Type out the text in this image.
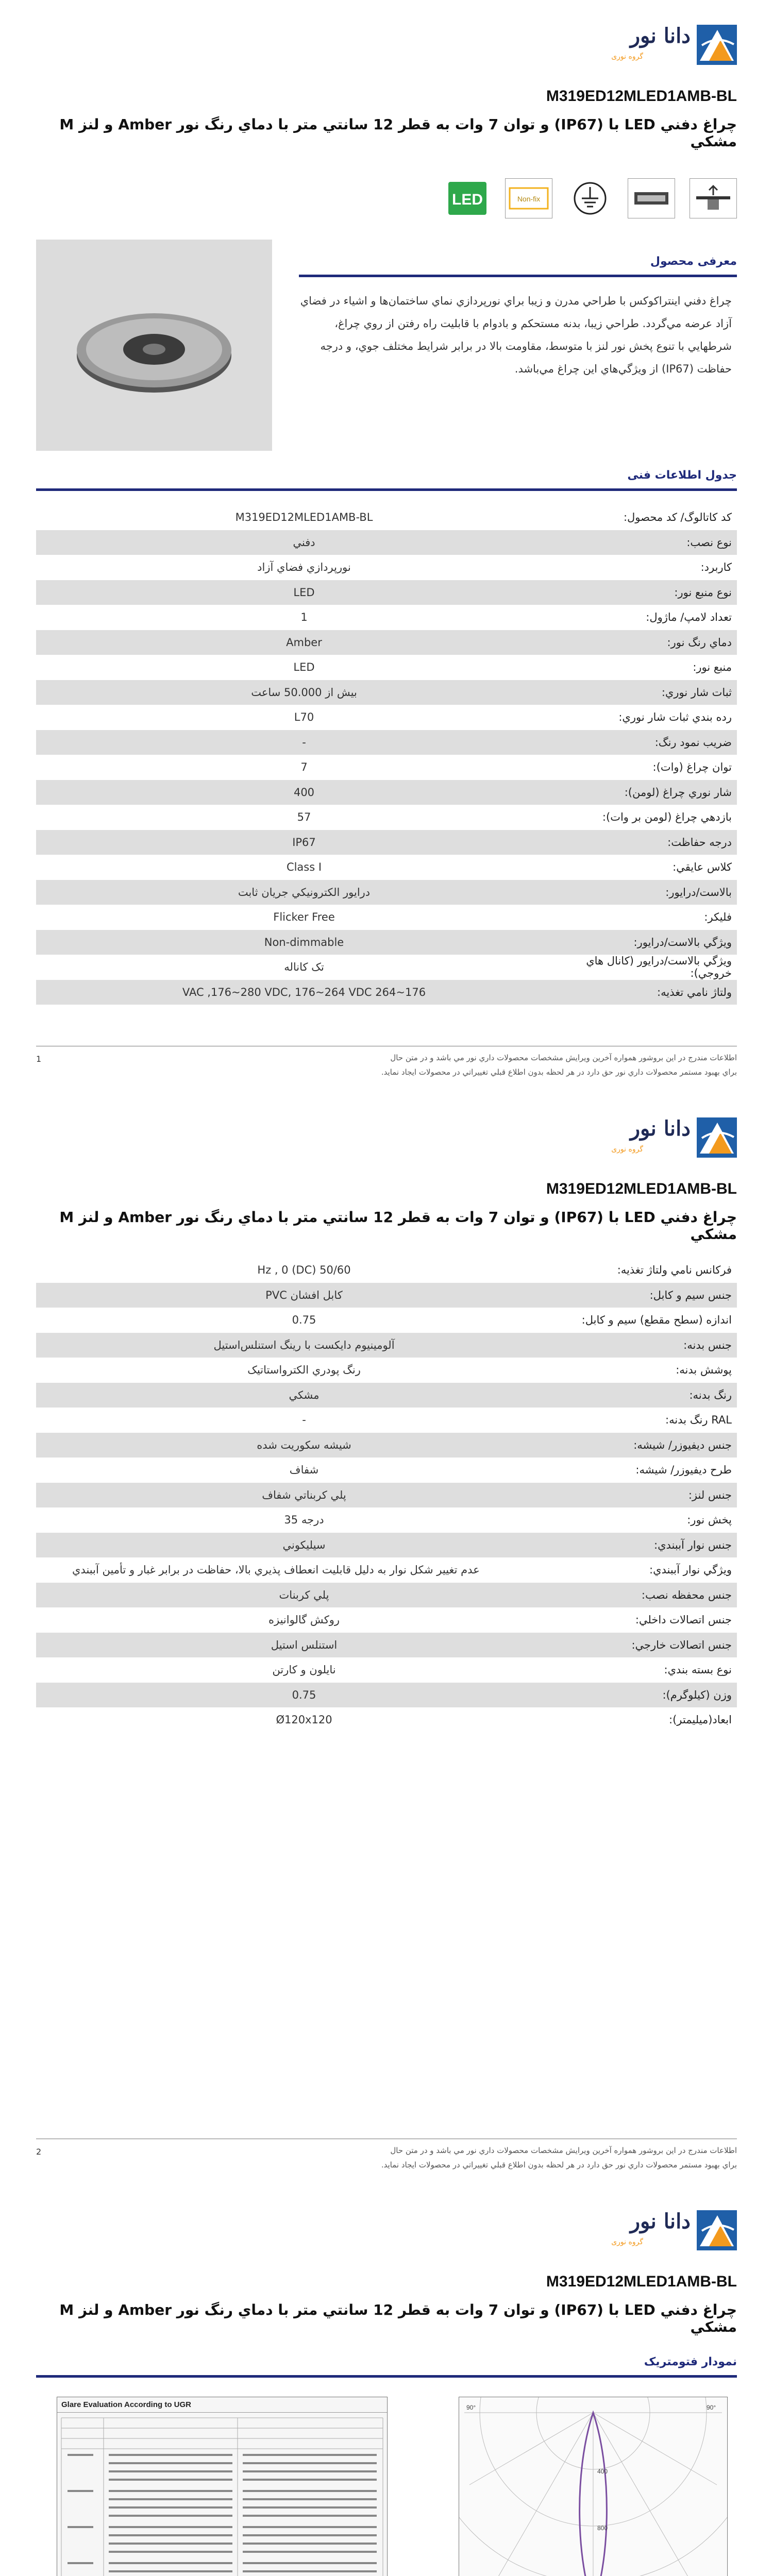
دانا نور
گروه نوری
M319ED12MLED1AMB-BL
چراغ دفني LED با (IP67) و توان 7 وات به قطر 12 سانتي متر با دماي رنگ نور Amber و لنز M مشکي
Non-fix
LED
معرفی محصول
چراغ دفني اينتراکوکس با طراحي مدرن و زيبا براي نورپردازي نماي ساختمان‌ها و اشياء در فضاي آزاد عرضه مي‌گردد. طراحي زيبا، بدنه مستحکم و بادوام با قابليت راه رفتن از روي چراغ، شرطهايي با تنوع پخش نور لنز با متوسط، مقاومت بالا در برابر شرايط مختلف جوي، و درجه حفاظت (IP67) از ويژگي‌هاي اين چراغ مي‌باشد.
جدول اطلاعات فنی
کد کاتالوگ/ کد محصول:
M319ED12MLED1AMB-BL
نوع نصب:
دفني
کاربرد:
نورپردازي فضاي آزاد
نوع منبع نور:
LED
تعداد لامپ/ ماژول:
1
دماي رنگ نور:
Amber
منبع نور:
LED
ثبات شار نوري:
بيش از 50.000 ساعت
رده بندي ثبات شار نوري:
L70
ضريب نمود رنگ:
-
توان چراغ (وات):
7
شار نوري چراغ (لومن):
400
بازدهي چراغ (لومن بر وات):
57
درجه حفاظت:
IP67
کلاس عايقي:
Class I
بالاست/درايور:
درايور الکترونيکي جريان ثابت
فليکر:
Flicker Free
ويژگي بالاست/درايور:
Non-dimmable
ويژگي بالاست/درايور (کانال هاي خروجي):
تک کاناله
ولتاژ نامي تغذيه:
176~264 VAC ,176~280 VDC, 176~264 VDC
اطلاعات مندرج در اين بروشور همواره آخرين ويرايش مشخصات محصولات داري نور مي باشد و در متن حال
براي بهبود مستمر محصولات داري نور حق دارد در هر لحظه بدون اطلاع قبلي تغييراتي در محصولات ايجاد نمايد.
1
دانا نور
گروه نوری
M319ED12MLED1AMB-BL
چراغ دفني LED با (IP67) و توان 7 وات به قطر 12 سانتي متر با دماي رنگ نور Amber و لنز M مشکي
فرکانس نامي ولتاژ تغذيه:
50/60 Hz , 0 (DC)
جنس سيم و کابل:
کابل افشان PVC
اندازه (سطح مقطع) سيم و کابل:
0.75
جنس بدنه:
آلومينيوم دايکست با رينگ استنلس‌استيل
پوشش بدنه:
رنگ پودري الکترواستاتيک
رنگ بدنه:
مشکي
RAL رنگ بدنه:
-
جنس ديفيوزر/ شيشه:
شيشه سکوريت شده
طرح ديفيوزر/ شيشه:
شفاف
جنس لنز:
پلي کربناتي شفاف
پخش نور:
درجه 35
جنس نوار آببندي:
سيليکوني
ويژگي نوار آببندي:
عدم تغيير شکل نوار به دليل قابليت انعطاف پذيري بالا، حفاظت در برابر غبار و تأمين آببندي
جنس محفظه نصب:
پلي کربنات
جنس اتصالات داخلي:
روکش گالوانيزه
جنس اتصالات خارجي:
استنلس استيل
نوع بسته بندي:
نايلون و کارتن
وزن (کيلوگرم):
0.75
ابعاد(ميليمتر):
Ø120x120
اطلاعات مندرج در اين بروشور همواره آخرين ويرايش مشخصات محصولات داري نور مي باشد و در متن حال
براي بهبود مستمر محصولات داري نور حق دارد در هر لحظه بدون اطلاع قبلي تغييراتي در محصولات ايجاد نمايد.
2
دانا نور
گروه نوری
M319ED12MLED1AMB-BL
چراغ دفني LED با (IP67) و توان 7 وات به قطر 12 سانتي متر با دماي رنگ نور Amber و لنز M مشکي
نمودار فتومتریک
Glare Evaluation According to UGR
400
800
90°	90°
